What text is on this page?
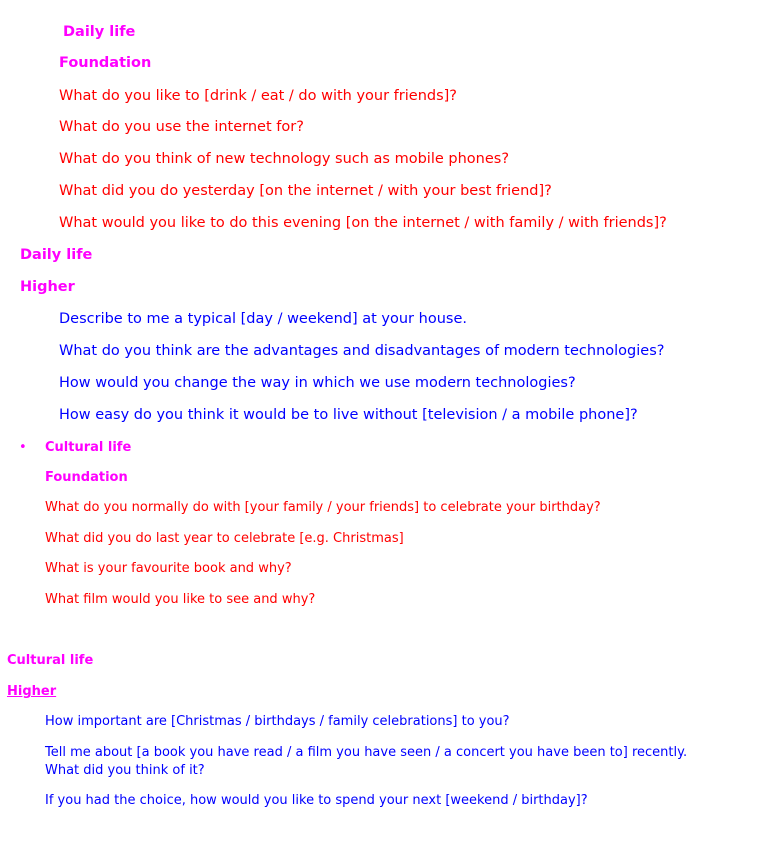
Daily life
Foundation
What do you like to [drink / eat / do with your friends]?
What do you use the internet for?
What do you think of new technology such as mobile phones?
What did you do yesterday [on the internet / with your best friend]?
What would you like to do this evening [on the internet / with family / with friends]?
Daily life
Higher
Describe to me a typical [day / weekend] at your house.
What do you think are the advantages and disadvantages of modern technologies?
How would you change the way in which we use modern technologies?
How easy do you think it would be to live without [television / a mobile phone]?
• Cultural life
Foundation
What do you normally do with [your family / your friends] to celebrate your birthday?
What did you do last year to celebrate [e.g. Christmas]
What is your favourite book and why?
What film would you like to see and why?
Cultural life
Higher
How important are [Christmas / birthdays / family celebrations] to you?
Tell me about [a book you have read / a film you have seen / a concert you have been to] recently.
What did you think of it?
If you had the choice, how would you like to spend your next [weekend / birthday]?
